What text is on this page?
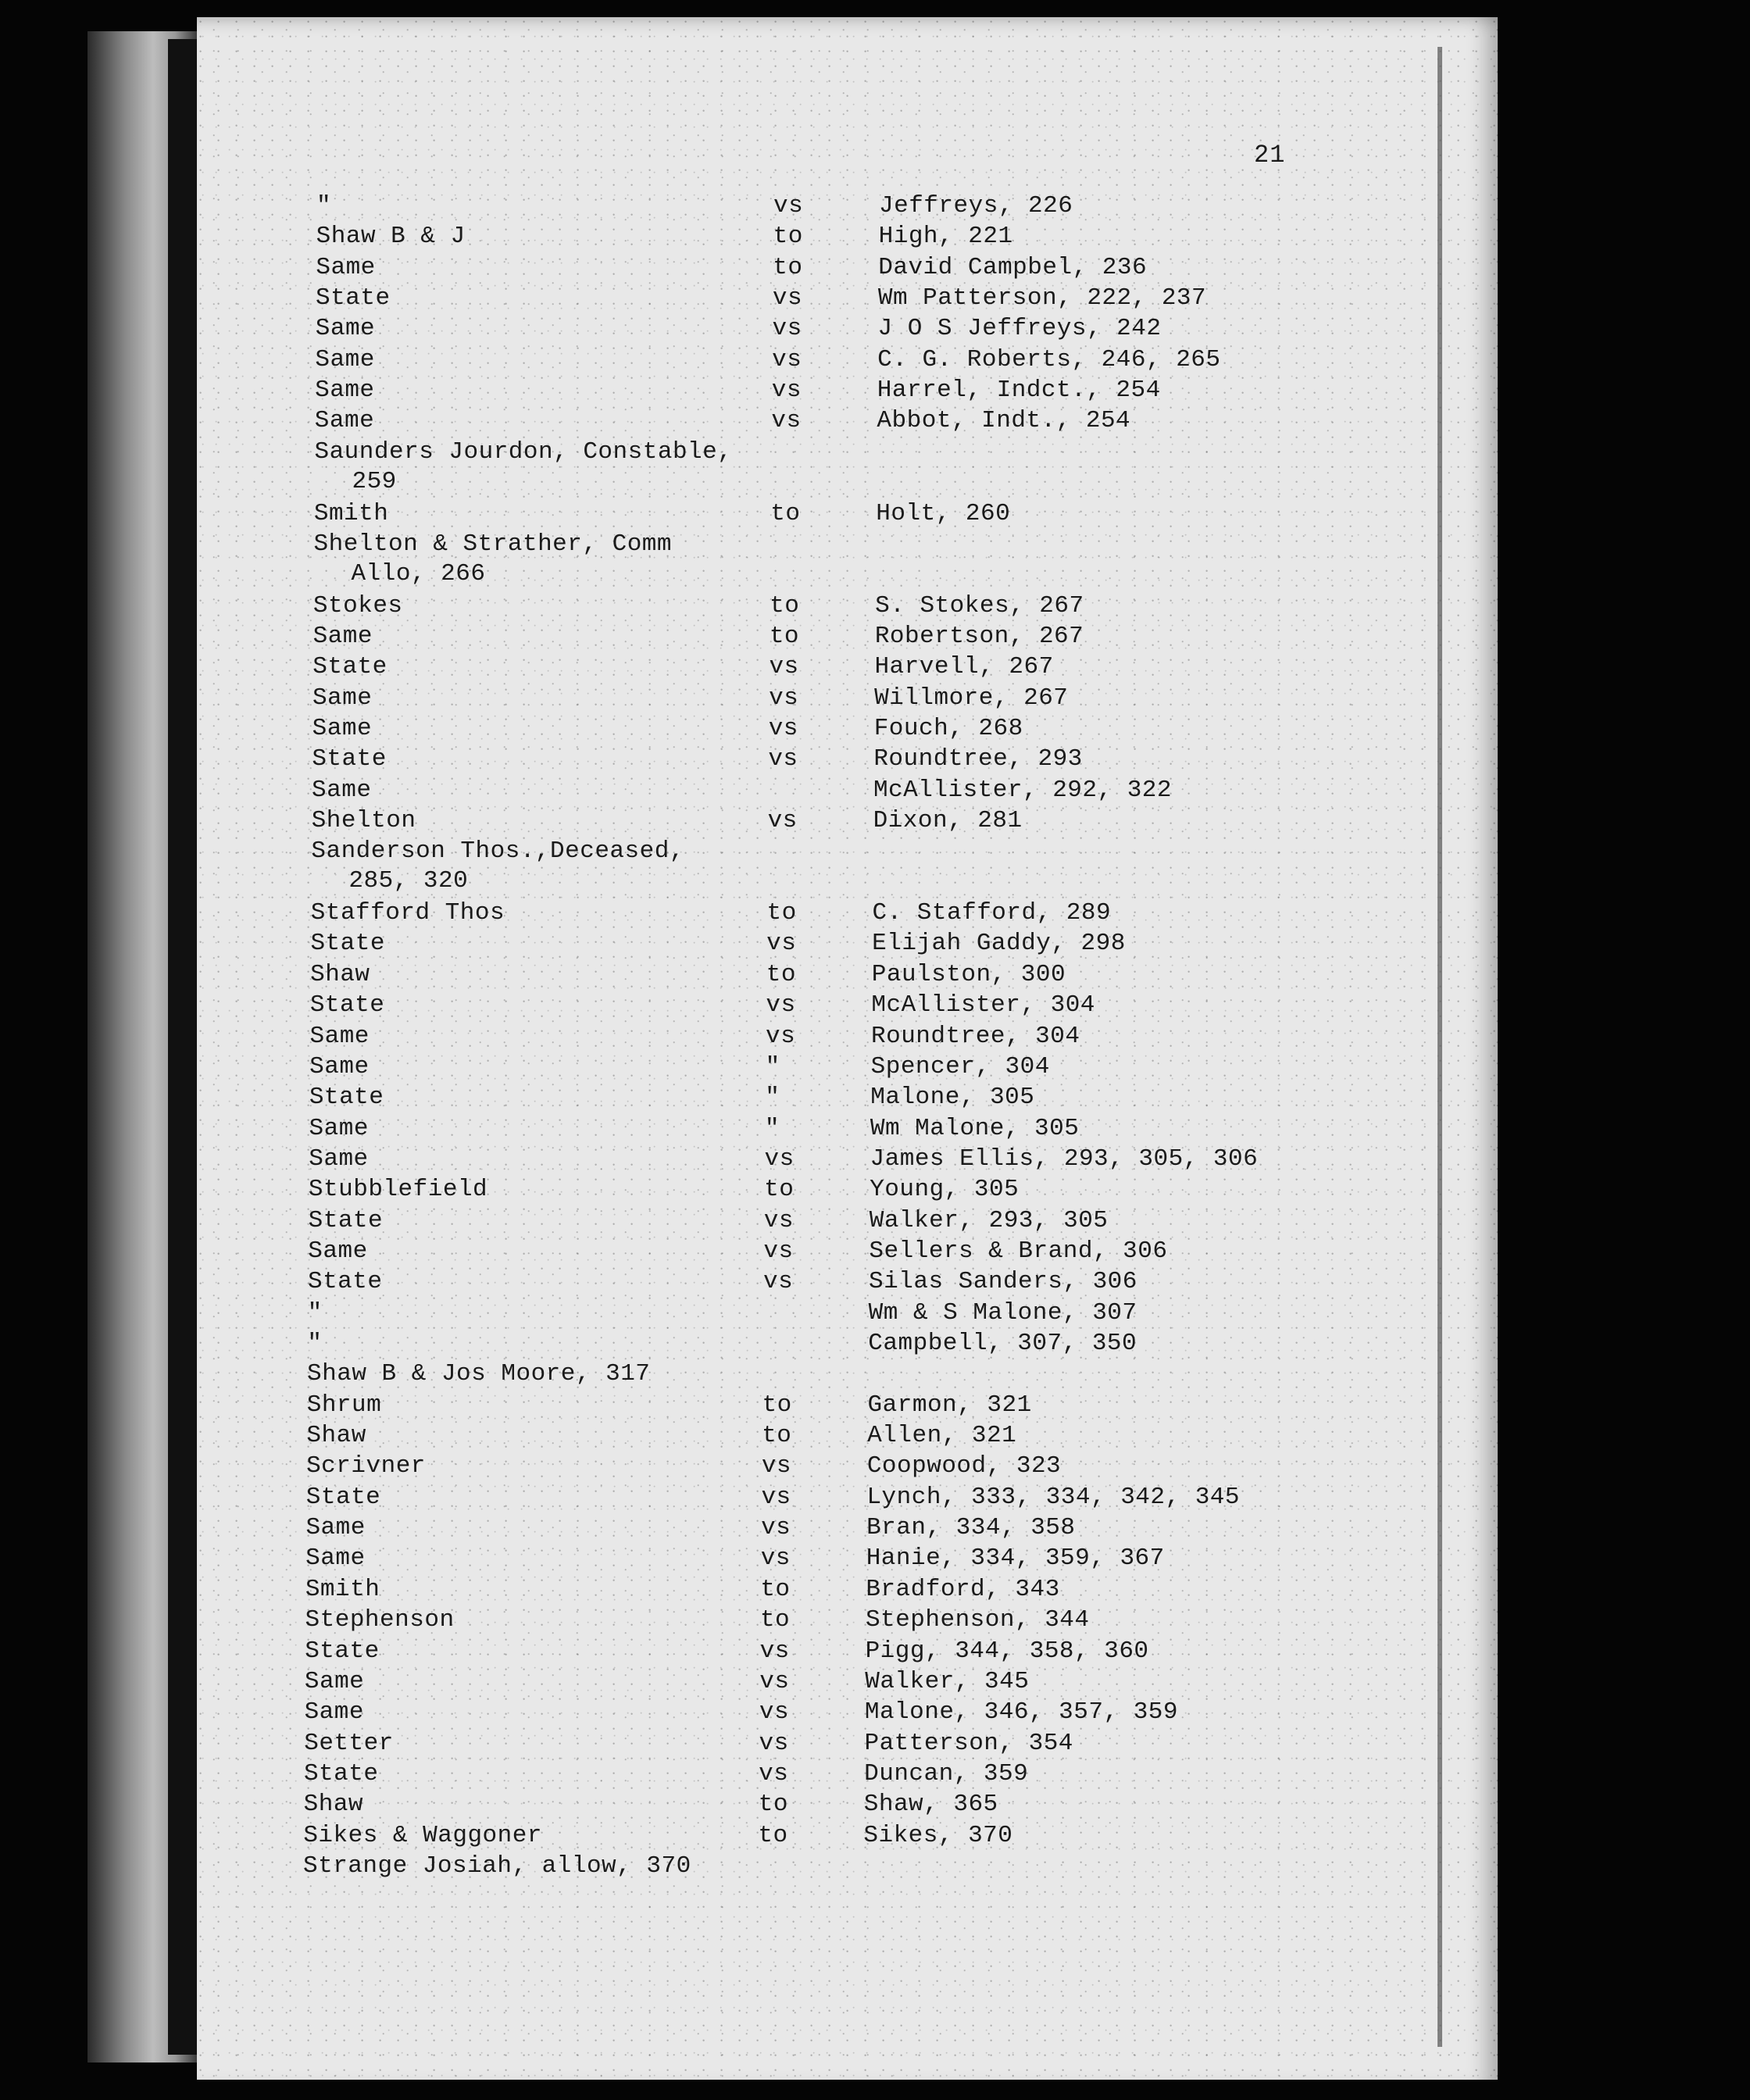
21
"	vs	Jeffreys, 226
Shaw B & J	to	High, 221
Same	to	David Campbel, 236
State	vs	Wm Patterson, 222, 237
Same	vs	J O S Jeffreys, 242
Same	vs	C. G. Roberts, 246, 265
Same	vs	Harrel, Indct., 254
Same	vs	Abbot, Indt., 254
Saunders Jourdon, Constable,
259
Smith	to	Holt, 260
Shelton & Strather, Comm
Allo, 266
Stokes	to	S. Stokes, 267
Same	to	Robertson, 267
State	vs	Harvell, 267
Same	vs	Willmore, 267
Same	vs	Fouch, 268
State	vs	Roundtree, 293
Same	McAllister, 292, 322
Shelton	vs	Dixon, 281
Sanderson Thos.,Deceased,
285, 320
Stafford Thos	to	C. Stafford, 289
State	vs	Elijah Gaddy, 298
Shaw	to	Paulston, 300
State	vs	McAllister, 304
Same	vs	Roundtree, 304
Same	"	Spencer, 304
State	"	Malone, 305
Same	"	Wm Malone, 305
Same	vs	James Ellis, 293, 305, 306
Stubblefield	to	Young, 305
State	vs	Walker, 293, 305
Same	vs	Sellers & Brand, 306
State	vs	Silas Sanders, 306
"	Wm & S Malone, 307
"	Campbell, 307, 350
Shaw B & Jos Moore, 317
Shrum	to	Garmon, 321
Shaw	to	Allen, 321
Scrivner	vs	Coopwood, 323
State	vs	Lynch, 333, 334, 342, 345
Same	vs	Bran, 334, 358
Same	vs	Hanie, 334, 359, 367
Smith	to	Bradford, 343
Stephenson	to	Stephenson, 344
State	vs	Pigg, 344, 358, 360
Same	vs	Walker, 345
Same	vs	Malone, 346, 357, 359
Setter	vs	Patterson, 354
State	vs	Duncan, 359
Shaw	to	Shaw, 365
Sikes & Waggoner	to	Sikes, 370
Strange Josiah, allow, 370
